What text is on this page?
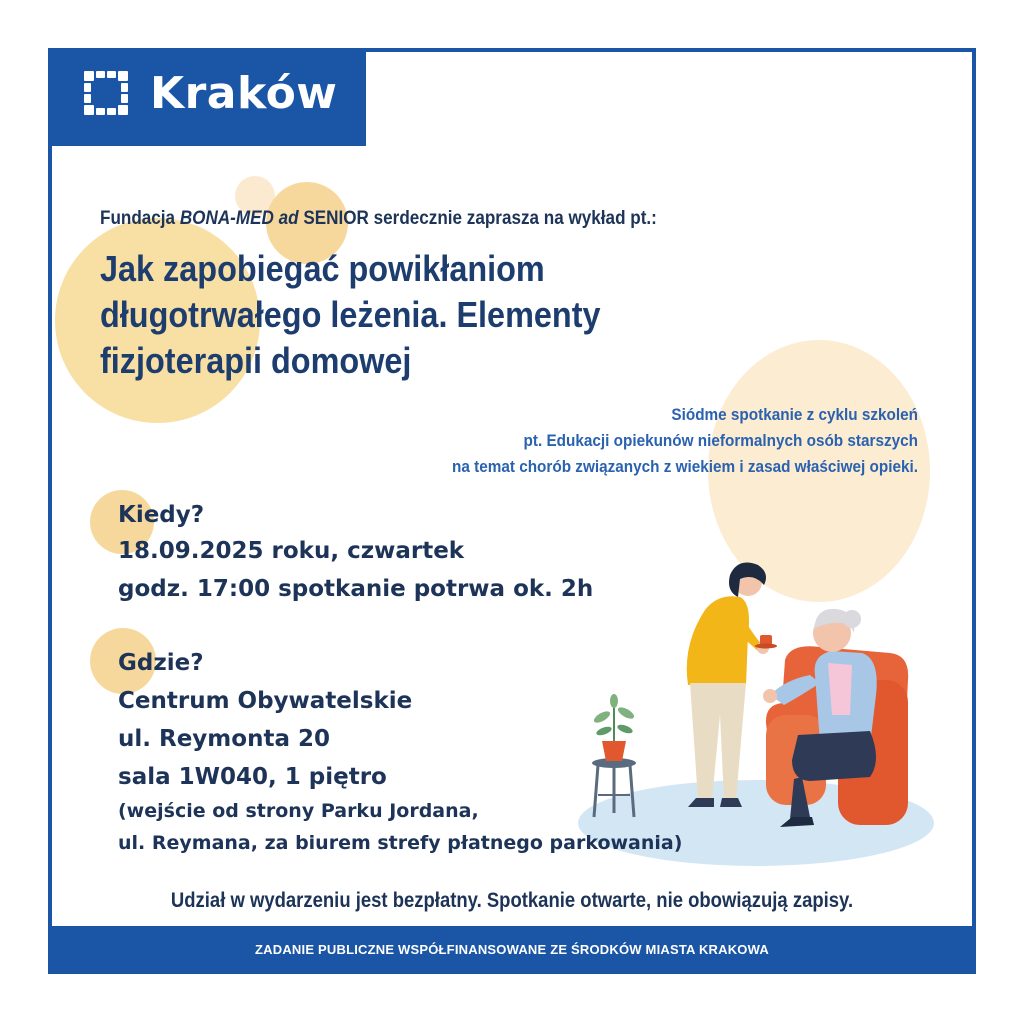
Kraków
Fundacja BONA-MED ad SENIOR serdecznie zaprasza na wykład pt.:
Jak zapobiegać powikłaniom
długotrwałego leżenia. Elementy
fizjoterapii domowej
Siódme spotkanie z cyklu szkoleń
pt. Edukacji opiekunów nieformalnych osób starszych
na temat chorób związanych z wiekiem i zasad właściwej opieki.
Kiedy?
18.09.2025 roku, czwartek
godz. 17:00 spotkanie potrwa ok. 2h
Gdzie?
Centrum Obywatelskie
ul. Reymonta 20
sala 1W040, 1 piętro
(wejście od strony Parku Jordana,
ul. Reymana, za biurem strefy płatnego parkowania)
Udział w wydarzeniu jest bezpłatny. Spotkanie otwarte, nie obowiązują zapisy.
ZADANIE PUBLICZNE WSPÓŁFINANSOWANE ZE ŚRODKÓW MIASTA KRAKOWA
